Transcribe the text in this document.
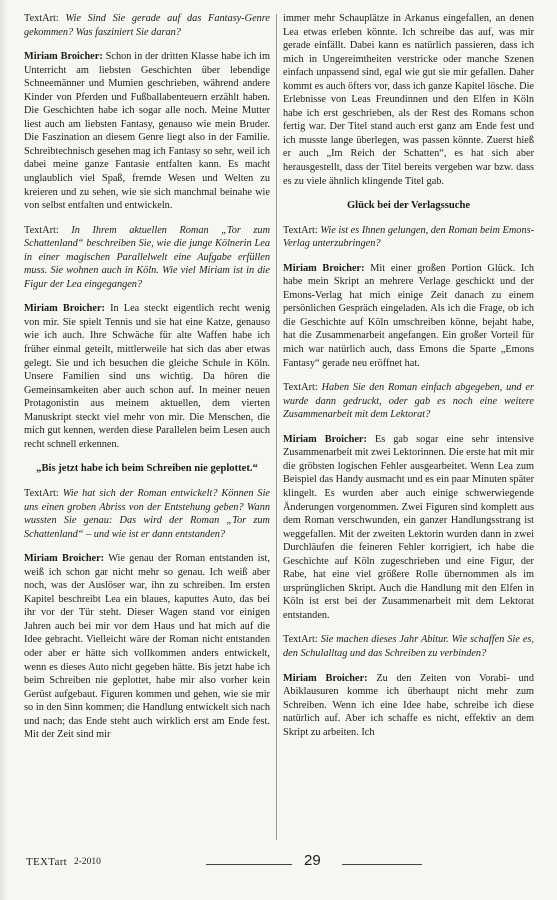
TextArt: Wie Sind Sie gerade auf das Fantasy-Genre gekommen? Was fasziniert Sie daran?

Miriam Broicher: Schon in der dritten Klasse habe ich im Unterricht am liebsten Geschichten über lebendige Schneemänner und Mumien geschrieben, während andere Kinder von Pferden und Fußballabenteuern erzählt haben. Die Geschichten habe ich sogar alle noch. Meine Mutter liest auch am liebsten Fantasy, genauso wie mein Bruder. Die Faszination an diesem Genre liegt also in der Familie. Schreibtechnisch gesehen mag ich Fantasy so sehr, weil ich dabei meine ganze Fantasie entfalten kann. Es macht unglaublich viel Spaß, fremde Wesen und Welten zu kreieren und zu sehen, wie sie sich manchmal beinahe wie von selbst entfalten und entwickeln.

TextArt: In Ihrem aktuellen Roman „Tor zum Schattenland“ beschreiben Sie, wie die junge Kölnerin Lea in einer magischen Parallelwelt eine Aufgabe erfüllen muss. Sie wohnen auch in Köln. Wie viel Miriam ist in die Figur der Lea eingegangen?

Miriam Broicher: In Lea steckt eigentlich recht wenig von mir. Sie spielt Tennis und sie hat eine Katze, genauso wie ich auch. Ihre Schwäche für alte Waffen habe ich früher einmal geteilt, mittlerweile hat sich das aber etwas gelegt. Sie und ich besuchen die gleiche Schule in Köln. Unsere Familien sind uns wichtig. Da hören die Gemeinsamkeiten aber auch schon auf. In meiner neuen Protagonistin aus meinem aktuellen, dem vierten Manuskript steckt viel mehr von mir. Die Menschen, die mich gut kennen, werden diese Parallelen beim Lesen auch recht schnell erkennen.

„Bis jetzt habe ich beim Schreiben nie geplottet.“

TextArt: Wie hat sich der Roman entwickelt? Können Sie uns einen groben Abriss von der Entstehung geben? Wann wussten Sie genau: Das wird der Roman „Tor zum Schattenland“ – und wie ist er dann entstanden?

Miriam Broicher: Wie genau der Roman entstanden ist, weiß ich schon gar nicht mehr so genau. Ich weiß aber noch, was der Auslöser war, ihn zu schreiben. Im ersten Kapitel beschreibt Lea ein blaues, kaputtes Auto, das bei ihr vor der Tür steht. Dieser Wagen stand vor einigen Jahren auch bei mir vor dem Haus und hat mich auf die Idee gebracht. Vielleicht wäre der Roman nicht entstanden oder aber er hätte sich vollkommen anders entwickelt, wenn es dieses Auto nicht gegeben hätte. Bis jetzt habe ich beim Schreiben nie geplottet, habe mir also vorher kein Gerüst aufgebaut. Figuren kommen und gehen, wie sie mir so in den Sinn kommen; die Handlung entwickelt sich nach und nach; das Ende steht auch wirklich erst am Ende fest. Mit der Zeit sind mir

immer mehr Schauplätze in Arkanus eingefallen, an denen Lea etwas erleben könnte. Ich schreibe das auf, was mir gerade einfällt. Dabei kann es natürlich passieren, dass ich mich in Ungereimtheiten verstricke oder manche Szenen einfach unpassend sind, egal wie gut sie mir gefallen. Daher kommt es auch öfters vor, dass ich ganze Kapitel lösche. Die Erlebnisse von Leas Freundinnen und den Elfen in Köln habe ich erst geschrieben, als der Rest des Romans schon fertig war. Der Titel stand auch erst ganz am Ende fest und ich musste lange überlegen, was passen könnte. Zuerst hieß er auch „Im Reich der Schatten“, es hat sich aber herausgestellt, dass der Titel bereits vergeben war bzw. dass es zu viele ähnlich klingende Titel gab.

Glück bei der Verlagssuche

TextArt: Wie ist es Ihnen gelungen, den Roman beim Emons-Verlag unterzubringen?

Miriam Broicher: Mit einer großen Portion Glück. Ich habe mein Skript an mehrere Verlage geschickt und der Emons-Verlag hat mich einige Zeit danach zu einem persönlichen Gespräch eingeladen. Als ich die Frage, ob ich die Geschichte auf Köln umschreiben könne, bejaht habe, hat die Zusammenarbeit angefangen. Ein großer Vorteil für mich war natürlich auch, dass Emons die Sparte „Emons Fantasy“ gerade neu eröffnet hat.

TextArt: Haben Sie den Roman einfach abgegeben, und er wurde dann gedruckt, oder gab es noch eine weitere Zusammenarbeit mit dem Lektorat?

Miriam Broicher: Es gab sogar eine sehr intensive Zusammenarbeit mit zwei Lektorinnen. Die erste hat mit mir die gröbsten logischen Fehler ausgearbeitet. Wenn Lea zum Beispiel das Handy ausmacht und es ein paar Minuten später klingelt. Es wurden aber auch einige schwerwiegende Änderungen vorgenommen. Zwei Figuren sind komplett aus dem Roman verschwunden, ein ganzer Handlungsstrang ist weggefallen. Mit der zweiten Lektorin wurden dann in zwei Durchläufen die feineren Fehler korrigiert, ich habe die Geschichte auf Köln zugeschrieben und eine Figur, der Rabe, hat eine viel größere Rolle übernommen als im ursprünglichen Skript. Auch die Handlung mit den Elfen in Köln ist erst bei der Zusammenarbeit mit dem Lektorat entstanden.

TextArt: Sie machen dieses Jahr Abitur. Wie schaffen Sie es, den Schulalltag und das Schreiben zu verbinden?

Miriam Broicher: Zu den Zeiten von Vorabi- und Abiklausuren komme ich überhaupt nicht mehr zum Schreiben. Wenn ich eine Idee habe, schreibe ich diese natürlich auf. Aber ich schaffe es nicht, effektiv an dem Skript zu arbeiten. Ich

TEXTart 2-2010	29
